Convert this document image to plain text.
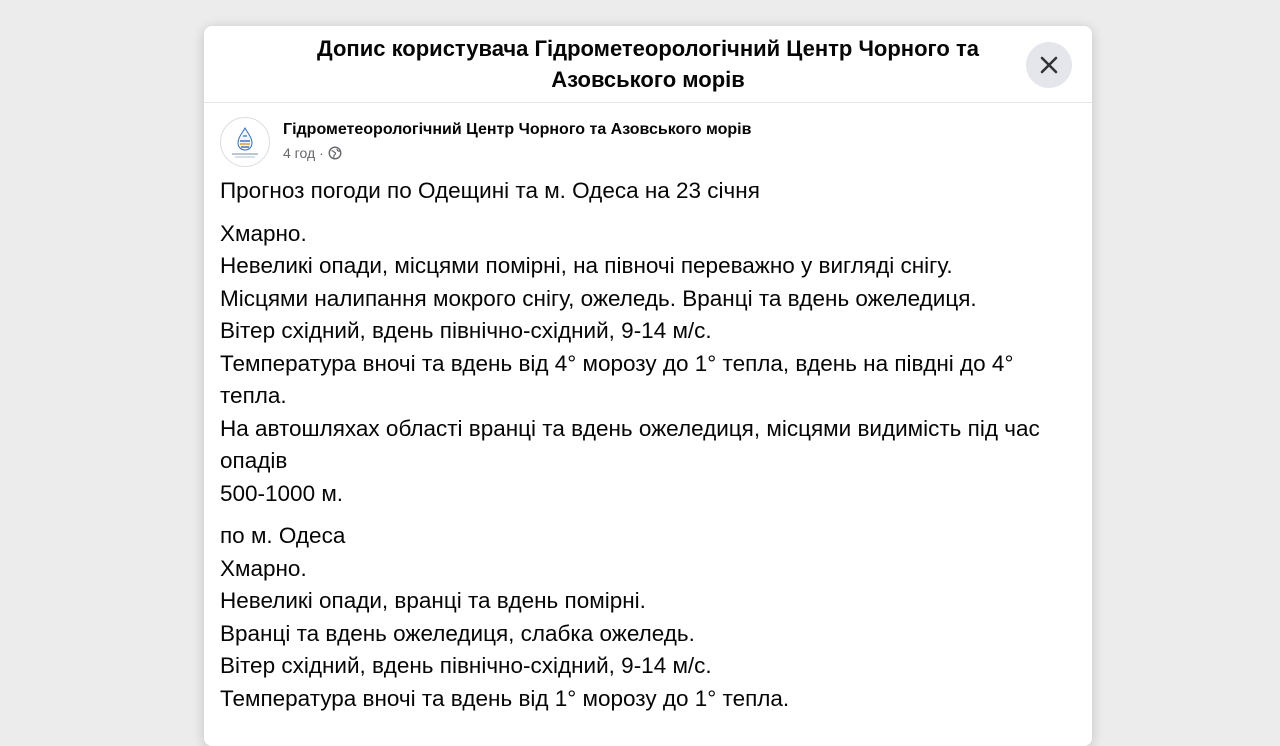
Допис користувача Гідрометеорологічний Центр Чорного та Азовського морів
Гідрометеорологічний Центр Чорного та Азовського морів
4 год ·

Прогноз погоди по Одещині та м. Одеса на 23 січня

Хмарно.

Невеликі опади, місцями помірні, на півночі переважно у вигляді снігу.

Місцями налипання мокрого снігу, ожеледь. Вранці та вдень ожеледиця.

Вітер східний, вдень північно-східний, 9-14 м/с.

Температура вночі та вдень від 4° морозу до 1° тепла, вдень на півдні до 4° тепла.

На автошляхах області вранці та вдень ожеледиця, місцями видимість під час опадів

500-1000 м.

по м. Одеса

Хмарно.

Невеликі опади, вранці та вдень помірні.

Вранці та вдень ожеледиця, слабка ожеледь.

Вітер східний, вдень північно-східний, 9-14 м/с.

Температура вночі та вдень від 1° морозу до 1° тепла.
